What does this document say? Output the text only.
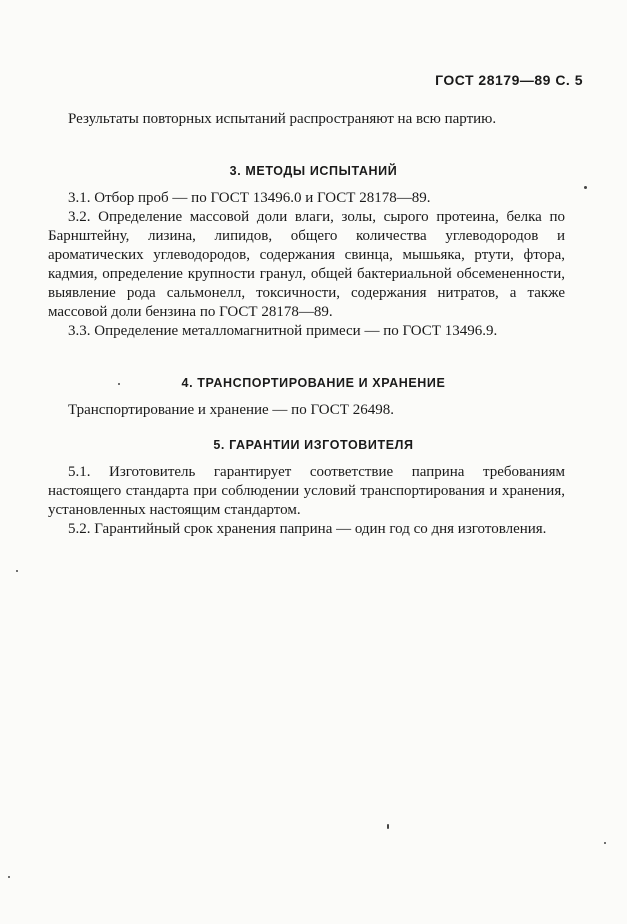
ГОСТ 28179—89 С. 5

Результаты повторных испытаний распространяют на всю партию.

3. МЕТОДЫ ИСПЫТАНИЙ

3.1. Отбор проб — по ГОСТ 13496.0 и ГОСТ 28178—89.

3.2. Определение массовой доли влаги, золы, сырого протеина, белка по Барнштейну, лизина, липидов, общего количества углеводородов и ароматических углеводородов, содержания свинца, мышьяка, ртути, фтора, кадмия, определение крупности гранул, общей бактериальной обсемененности, выявление рода сальмонелл, токсичности, содержания нитратов, а также массовой доли бензина по ГОСТ 28178—89.

3.3. Определение металломагнитной примеси — по ГОСТ 13496.9.

4. ТРАНСПОРТИРОВАНИЕ И ХРАНЕНИЕ

Транспортирование и хранение — по ГОСТ 26498.

5. ГАРАНТИИ ИЗГОТОВИТЕЛЯ

5.1. Изготовитель гарантирует соответствие паприна требованиям настоящего стандарта при соблюдении условий транспортирования и хранения, установленных настоящим стандартом.

5.2. Гарантийный срок хранения паприна — один год со дня изготовления.
